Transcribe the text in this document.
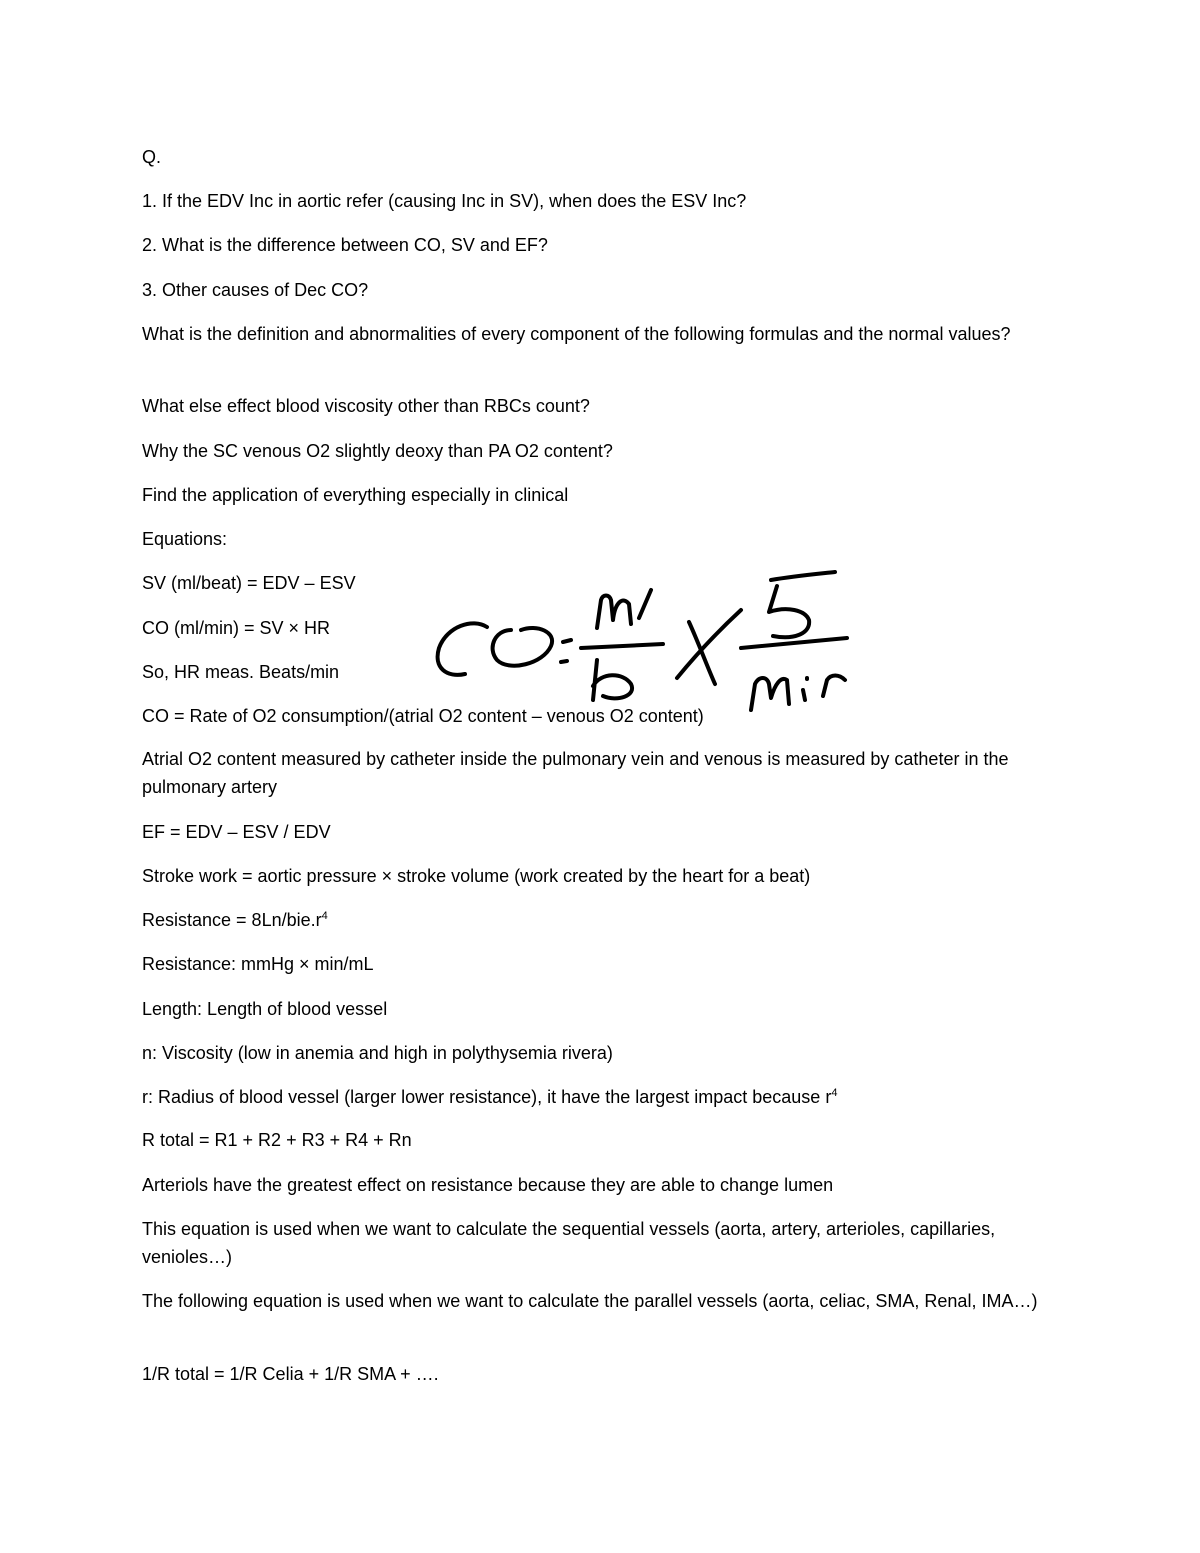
Q.
1. If the EDV Inc in aortic refer (causing Inc in SV), when does the ESV Inc?
2. What is the difference between CO, SV and EF?
3. Other causes of Dec CO?
What is the definition and abnormalities of every component of the following formulas and the normal values?
What else effect blood viscosity other than RBCs count?
Why the SC venous O2 slightly deoxy than PA O2 content?
Find the application of everything especially in clinical
Equations:
SV (ml/beat) = EDV – ESV
CO (ml/min) = SV × HR
So, HR meas. Beats/min
CO = Rate of O2 consumption/(atrial O2 content – venous O2 content)
Atrial O2 content measured by catheter inside the pulmonary vein and venous is measured by catheter in the pulmonary artery
EF = EDV – ESV / EDV
Stroke work = aortic pressure × stroke volume (work created by the heart for a beat)
Resistance = $8Ln/bie.r^4$
Resistance: mmHg × min/mL
Length: Length of blood vessel
n: Viscosity (low in anemia and high in polythysemia rivera)
r: Radius of blood vessel (larger lower resistance), it have the largest impact because $r^4$
R total = R1 + R2 + R3 + R4 + Rn
Arteriols have the greatest effect on resistance because they are able to change lumen
This equation is used when we want to calculate the sequential vessels (aorta, artery, arterioles, capillaries, venioles…)
The following equation is used when we want to calculate the parallel vessels (aorta, celiac, SMA, Renal, IMA…)
1/R total = 1/R Celia + 1/R SMA + ….
